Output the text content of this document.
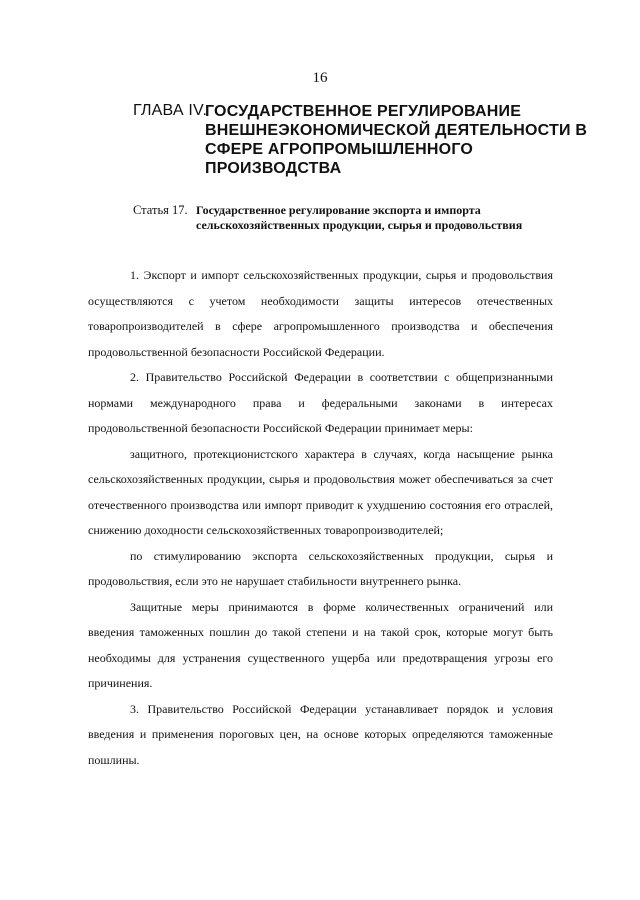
16
ГЛАВА IV.
ГОСУДАРСТВЕННОЕ РЕГУЛИРОВАНИЕ ВНЕШНЕЭКОНОМИЧЕСКОЙ ДЕЯТЕЛЬНОСТИ В СФЕРЕ АГРОПРОМЫШЛЕННОГО ПРОИЗВОДСТВА
Статья 17. Государственное регулирование экспорта и импорта сельскохозяйственных продукции, сырья и продовольствия

1. Экспорт и импорт сельскохозяйственных продукции, сырья и продовольствия осуществляются с учетом необходимости защиты интересов отечественных товаропроизводителей в сфере агропромышленного производства и обеспечения продовольственной безопасности Российской Федерации.

2. Правительство Российской Федерации в соответствии с общепризнанными нормами международного права и федеральными законами в интересах продовольственной безопасности Российской Федерации принимает меры:

защитного, протекционистского характера в случаях, когда насыщение рынка сельскохозяйственных продукции, сырья и продовольствия может обеспечиваться за счет отечественного производства или импорт приводит к ухудшению состояния его отраслей, снижению доходности сельскохозяйственных товаропроизводителей;

по стимулированию экспорта сельскохозяйственных продукции, сырья и продовольствия, если это не нарушает стабильности внутреннего рынка.

Защитные меры принимаются в форме количественных ограничений или введения таможенных пошлин до такой степени и на такой срок, которые могут быть необходимы для устранения существенного ущерба или предотвращения угрозы его причинения.

3. Правительство Российской Федерации устанавливает порядок и условия введения и применения пороговых цен, на основе которых определяются таможенные пошлины.
